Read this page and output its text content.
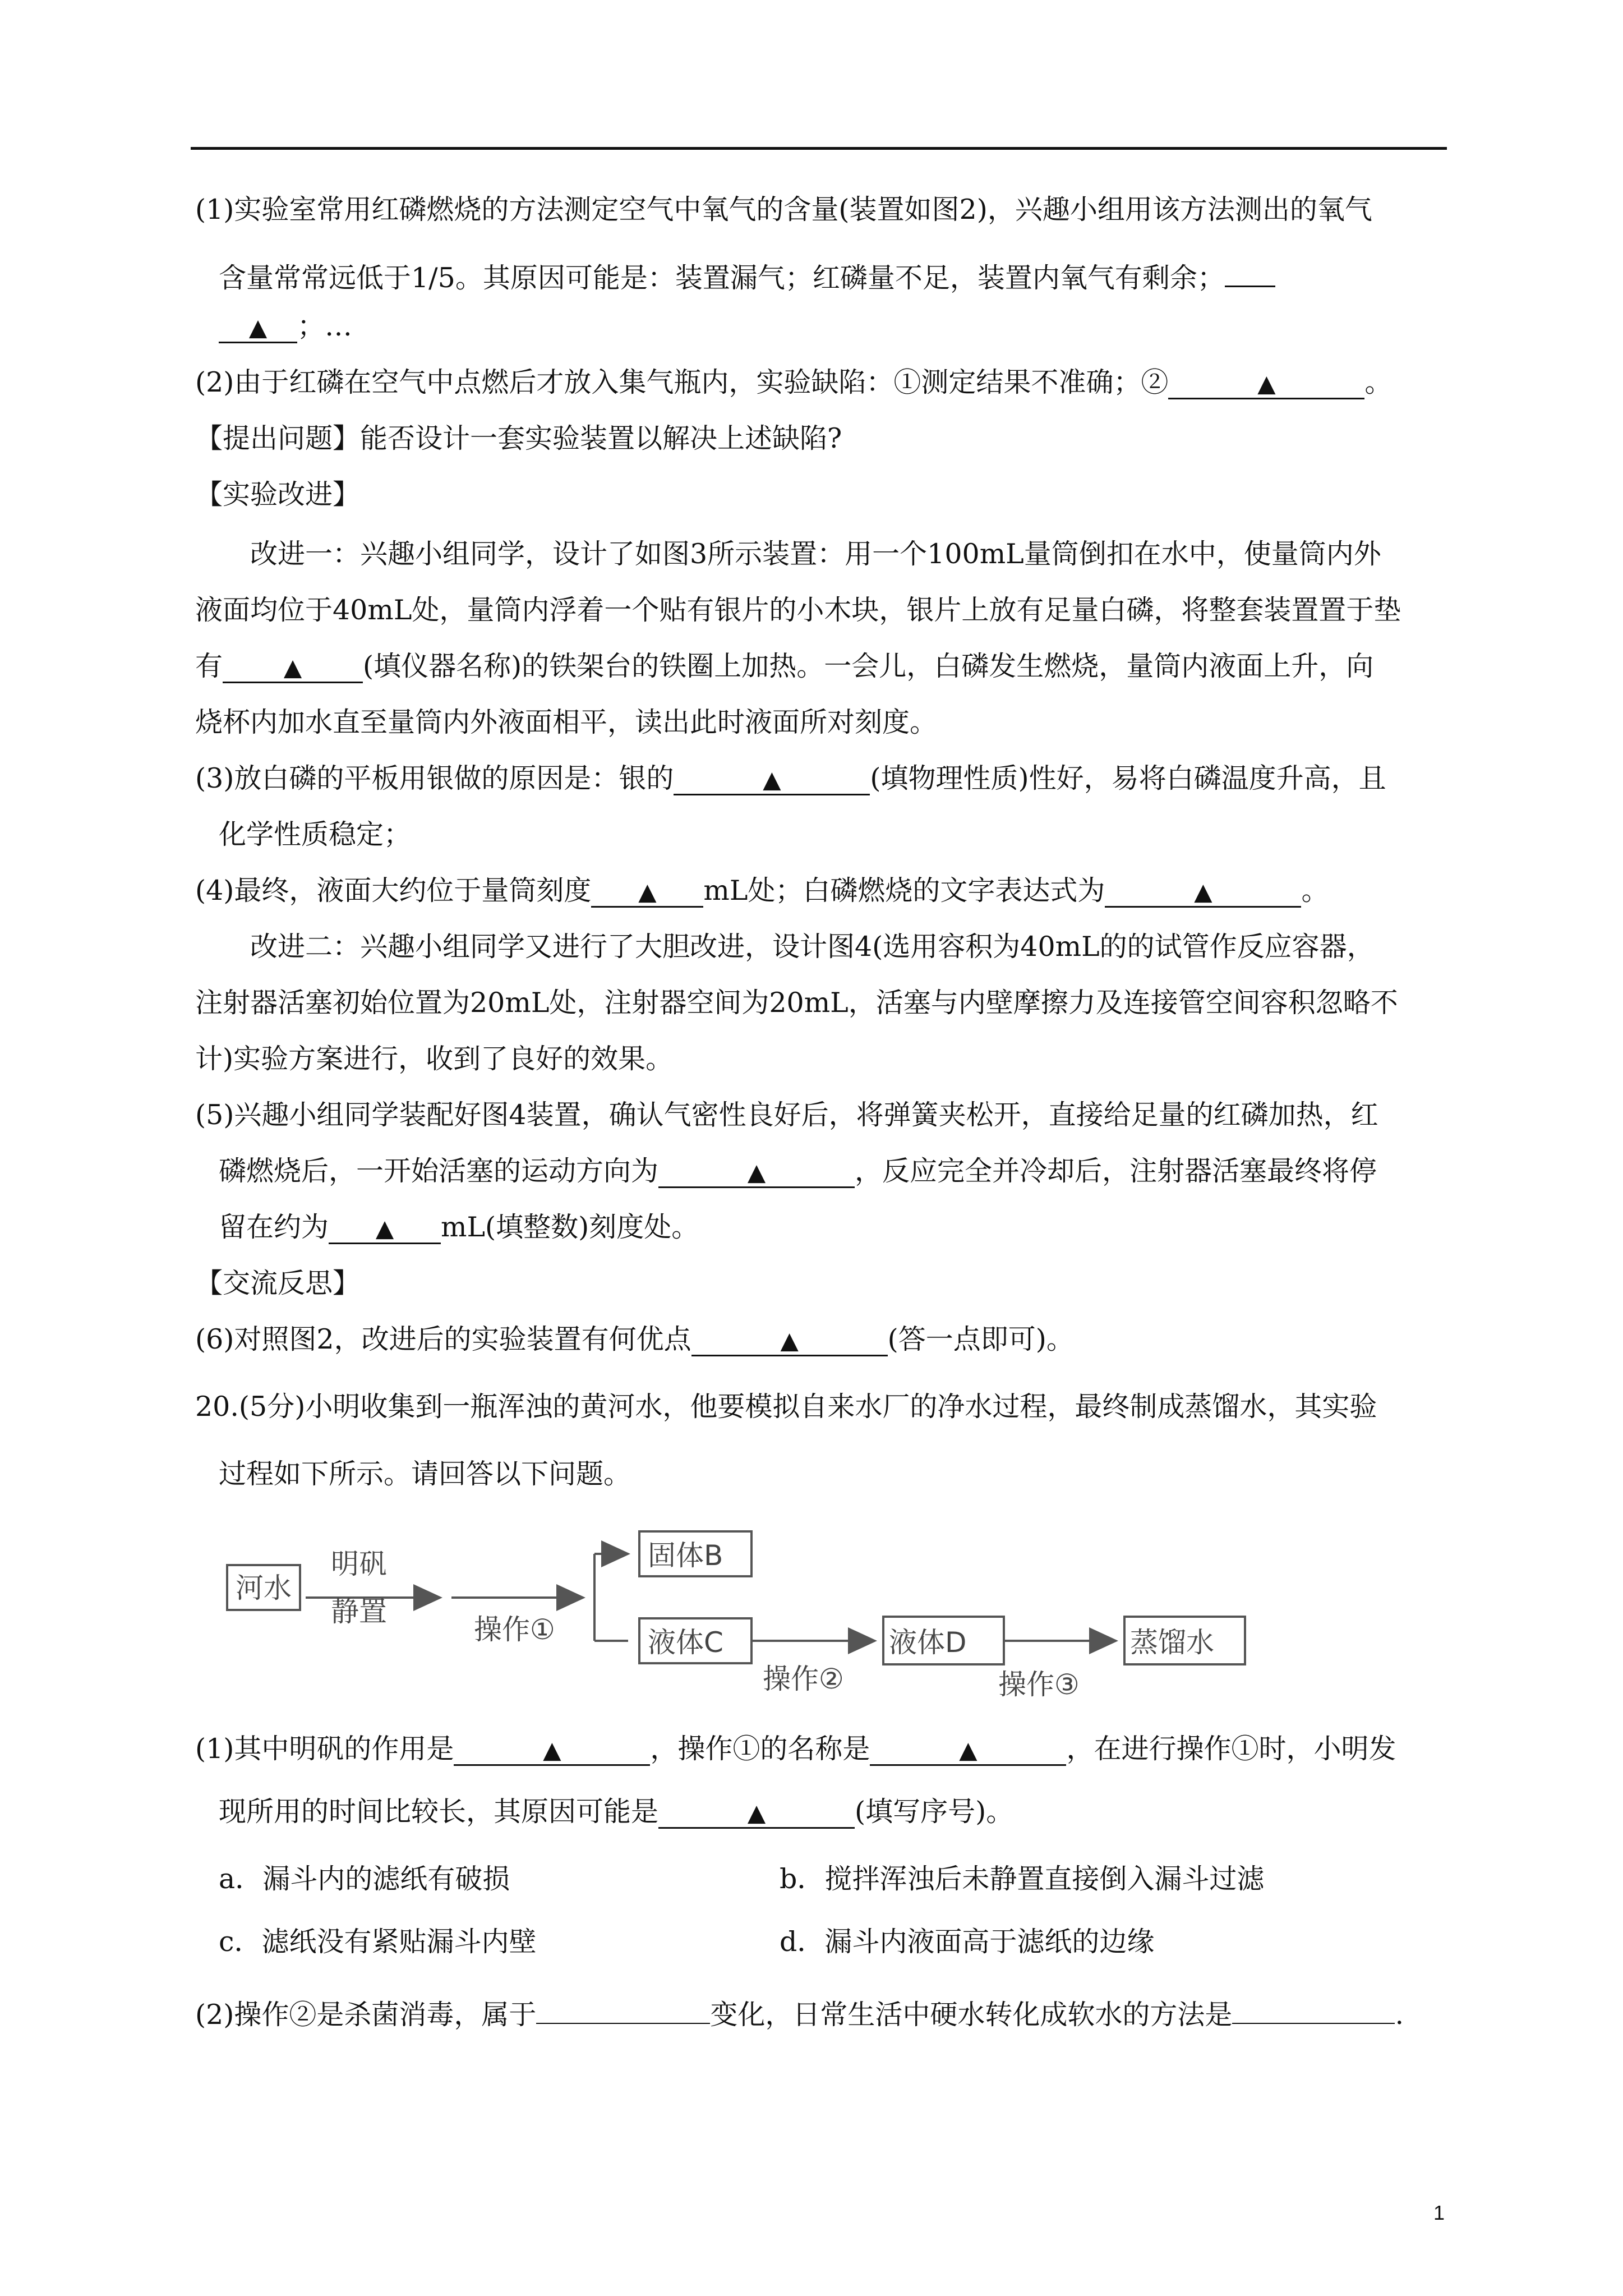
(1)实验室常用红磷燃烧的方法测定空气中氧气的含量(装置如图2)，兴趣小组用该方法测出的氧气
含量常常远低于1/5。其原因可能是：装置漏气；红磷量不足，装置内氧气有剩余；
▲ ；…
(2)由于红磷在空气中点燃后才放入集气瓶内，实验缺陷：①测定结果不准确；②	▲	。
【提出问题】能否设计一套实验装置以解决上述缺陷?
【实验改进】
改进一：兴趣小组同学，设计了如图3所示装置：用一个100mL量筒倒扣在水中，使量筒内外
液面均位于40mL处，量筒内浮着一个贴有银片的小木块，银片上放有足量白磷，将整套装置置于垫
有	▲ (填仪器名称)的铁架台的铁圈上加热。一会儿，白磷发生燃烧，量筒内液面上升，向
烧杯内加水直至量筒内外液面相平，读出此时液面所对刻度。
(3)放白磷的平板用银做的原因是：银的	▲	(填物理性质)性好，易将白磷温度升高，且
化学性质稳定；
(4)最终，液面大约位于量筒刻度 ▲ mL处；白磷燃烧的文字表达式为	▲	。
改进二：兴趣小组同学又进行了大胆改进，设计图4(选用容积为40mL的的试管作反应容器，
注射器活塞初始位置为20mL处，注射器空间为20mL，活塞与内壁摩擦力及连接管空间容积忽略不
计)实验方案进行，收到了良好的效果。
(5)兴趣小组同学装配好图4装置，确认气密性良好后，将弹簧夹松开，直接给足量的红磷加热，红
磷燃烧后，一开始活塞的运动方向为	▲	，反应完全并冷却后，注射器活塞最终将停
留在约为 ▲ mL(填整数)刻度处。
【交流反思】
(6)对照图2，改进后的实验装置有何优点	▲	(答一点即可)。
20.(5分)小明收集到一瓶浑浊的黄河水，他要模拟自来水厂的净水过程，最终制成蒸馏水，其实验
过程如下所示。请回答以下问题。
河水
明矾
静置
操作①
固体B
液体C
操作②
液体D
操作③
蒸馏水
(1)其中明矾的作用是	▲	，操作①的名称是	▲	，在进行操作①时，小明发
现所用的时间比较长，其原因可能是	▲	(填写序号)。
a．漏斗内的滤纸有破损	b．搅拌浑浊后未静置直接倒入漏斗过滤
c．滤纸没有紧贴漏斗内壁	d．漏斗内液面高于滤纸的边缘
(2)操作②是杀菌消毒，属于	变化，日常生活中硬水转化成软水的方法是	.
1
